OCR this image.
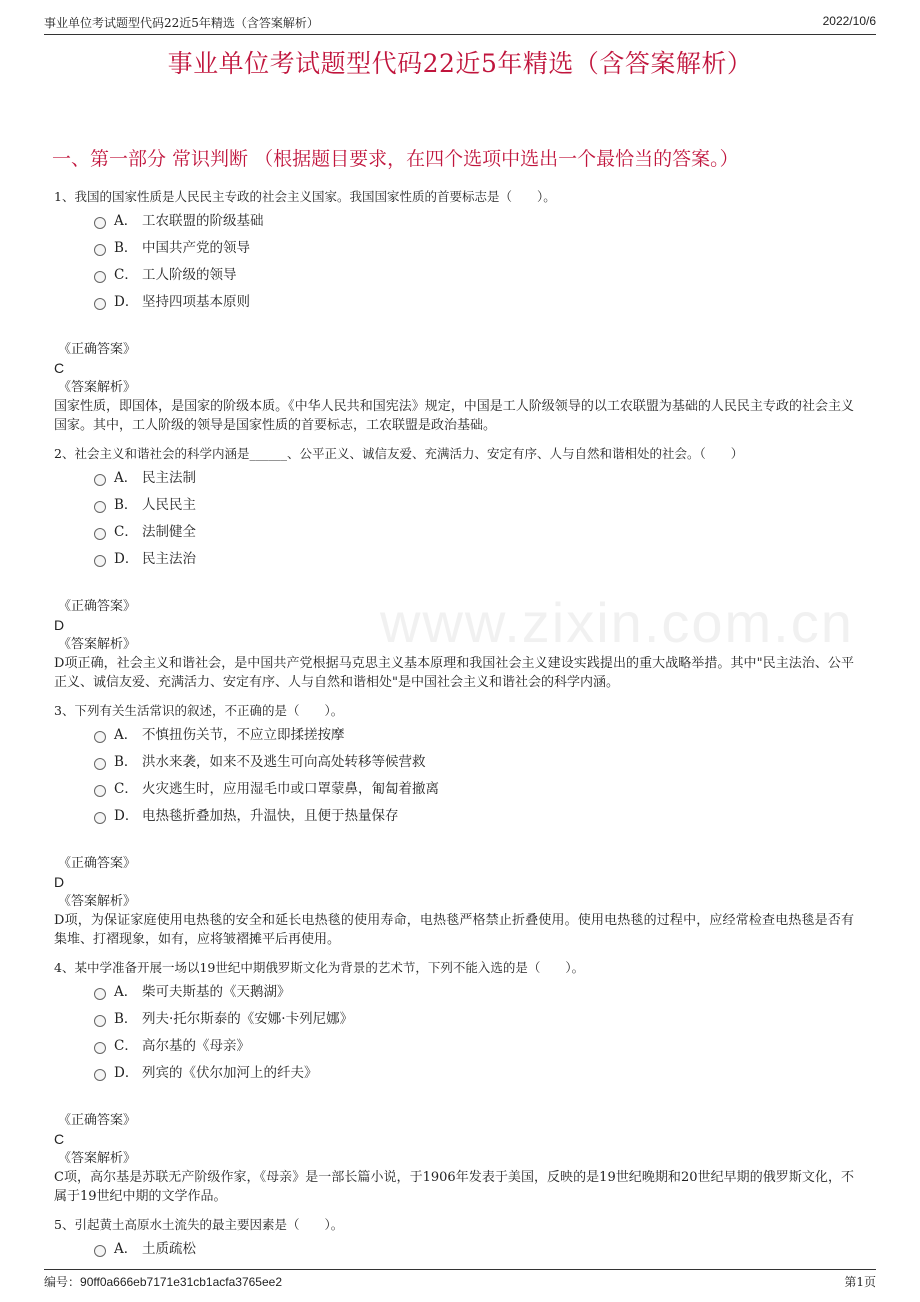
事业单位考试题型代码22近5年精选（含答案解析）	2022/10/6
事业单位考试题型代码22近5年精选（含答案解析）
一、第一部分 常识判断 （根据题目要求，在四个选项中选出一个最恰当的答案。）
www.zixin.com.cn
1、我国的国家性质是人民民主专政的社会主义国家。我国国家性质的首要标志是（　　）。
A． 工农联盟的阶级基础
B． 中国共产党的领导
C． 工人阶级的领导
D． 坚持四项基本原则
《正确答案》
C
《答案解析》
国家性质，即国体，是国家的阶级本质。《中华人民共和国宪法》规定，中国是工人阶级领导的以工农联盟为基础的人民民主专政的社会主义国家。其中，工人阶级的领导是国家性质的首要标志，工农联盟是政治基础。
2、社会主义和谐社会的科学内涵是______、公平正义、诚信友爱、充满活力、安定有序、人与自然和谐相处的社会。（　　）
A． 民主法制
B． 人民民主
C． 法制健全
D． 民主法治
《正确答案》
D
《答案解析》
D项正确，社会主义和谐社会，是中国共产党根据马克思主义基本原理和我国社会主义建设实践提出的重大战略举措。其中"民主法治、公平正义、诚信友爱、充满活力、安定有序、人与自然和谐相处"是中国社会主义和谐社会的科学内涵。
3、下列有关生活常识的叙述，不正确的是（　　）。
A． 不慎扭伤关节，不应立即揉搓按摩
B． 洪水来袭，如来不及逃生可向高处转移等候营救
C． 火灾逃生时，应用湿毛巾或口罩蒙鼻，匍匐着撤离
D． 电热毯折叠加热，升温快，且便于热量保存
《正确答案》
D
《答案解析》
D项，为保证家庭使用电热毯的安全和延长电热毯的使用寿命，电热毯严格禁止折叠使用。使用电热毯的过程中，应经常检查电热毯是否有集堆、打褶现象，如有，应将皱褶摊平后再使用。
4、某中学准备开展一场以19世纪中期俄罗斯文化为背景的艺术节，下列不能入选的是（　　）。
A． 柴可夫斯基的《天鹅湖》
B． 列夫·托尔斯泰的《安娜·卡列尼娜》
C． 高尔基的《母亲》
D． 列宾的《伏尔加河上的纤夫》
《正确答案》
C
《答案解析》
C项，高尔基是苏联无产阶级作家，《母亲》是一部长篇小说，于1906年发表于美国，反映的是19世纪晚期和20世纪早期的俄罗斯文化，不属于19世纪中期的文学作品。
5、引起黄土高原水土流失的最主要因素是（　　）。
A． 土质疏松
编号：90ff0a666eb7171e31cb1acfa3765ee2	第1页
